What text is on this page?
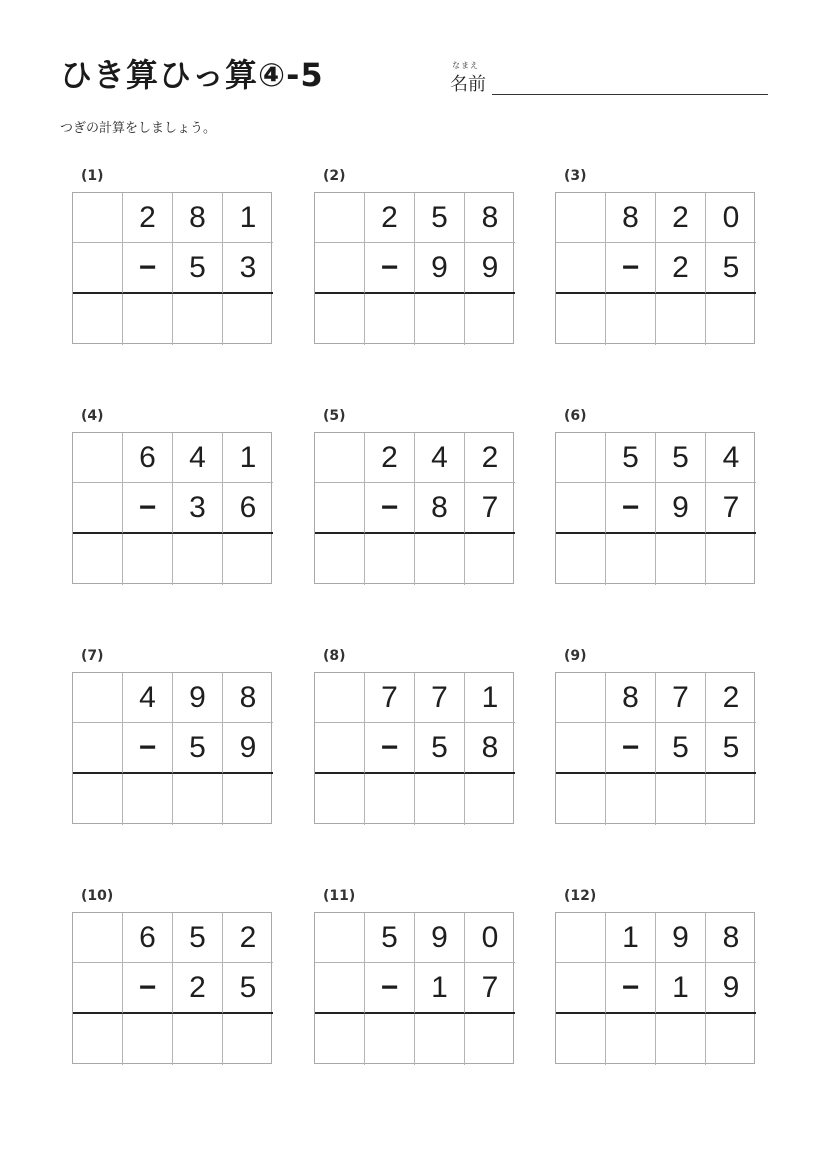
ひき算ひっ算④-5	なまえ
名前
つぎの計算をしましょう。
(1)
2	8	1
−	5	3
(2)
2	5	8
−	9	9
(3)
8	2	0
−	2	5
(4)
6	4	1
−	3	6
(5)
2	4	2
−	8	7
(6)
5	5	4
−	9	7
(7)
4	9	8
−	5	9
(8)
7	7	1
−	5	8
(9)
8	7	2
−	5	5
(10)
6	5	2
−	2	5
(11)
5	9	0
−	1	7
(12)
1	9	8
−	1	9
